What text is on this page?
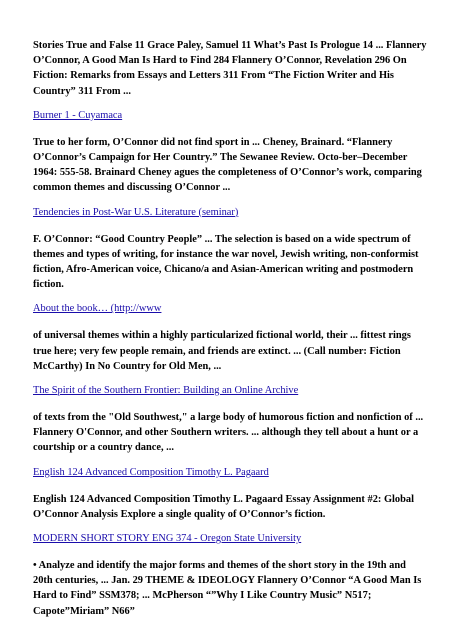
Stories True and False 11 Grace Paley, Samuel 11 What’s Past Is Prologue 14 ... Flannery O’Connor, A Good Man Is Hard to Find 284 Flannery O’Connor, Revelation 296 On Fiction: Remarks from Essays and Letters 311 From “The Fiction Writer and His Country” 311 From ...

Burner 1 - Cuyamaca

True to her form, O’Connor did not find sport in ... Cheney, Brainard. “Flannery O’Connor’s Campaign for Her Country.” The Sewanee Review. Octo-ber–December 1964: 555-58. Brainard Cheney agues the completeness of O’Connor’s work, comparing common themes and discussing O’Connor ...

Tendencies in Post-War U.S. Literature (seminar)

F. O’Connor: “Good Country People” ... The selection is based on a wide spectrum of themes and types of writing, for instance the war novel, Jewish writing, non-conformist fiction, Afro-American voice, Chicano/a and Asian-American writing and postmodern fiction.

About the book… (http://www

of universal themes within a highly particularized fictional world, their ... fittest rings true here; very few people remain, and friends are extinct. ... (Call number: Fiction McCarthy) In No Country for Old Men, ...

The Spirit of the Southern Frontier: Building an Online Archive

of texts from the "Old Southwest," a large body of humorous fiction and nonfiction of ... Flannery O'Connor, and other Southern writers. ... although they tell about a hunt or a courtship or a country dance, ...

English 124 Advanced Composition Timothy L. Pagaard

English 124 Advanced Composition Timothy L. Pagaard Essay Assignment #2: Global O’Connor Analysis Explore a single quality of O’Connor’s fiction.

MODERN SHORT STORY ENG 374 - Oregon State University

• Analyze and identify the major forms and themes of the short story in the 19th and 20th centuries, ... Jan. 29 THEME & IDEOLOGY Flannery O’Connor “A Good Man Is Hard to Find” SSM378; ... McPherson “”Why I Like Country Music” N517; Capote”Miriam” N66”
